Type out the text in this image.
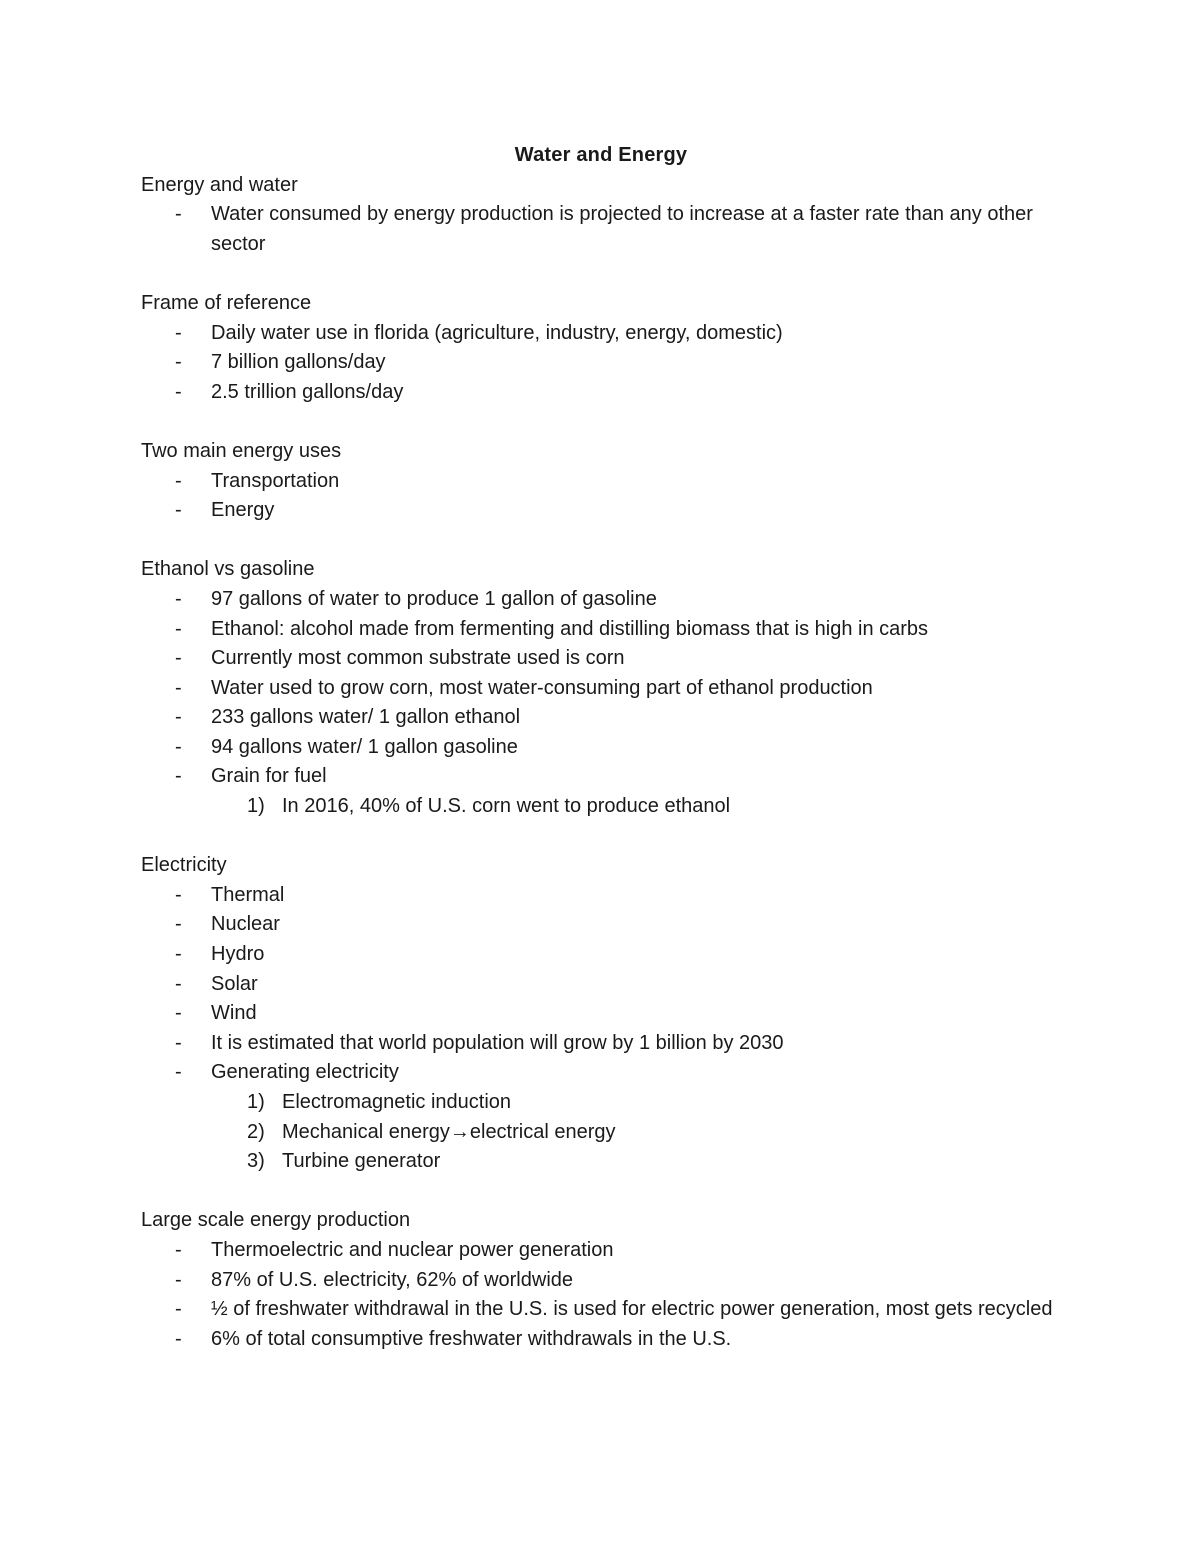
Water and Energy

Energy and water

-	Water consumed by energy production is projected to increase at a faster rate than any other sector

Frame of reference

-	Daily water use in florida (agriculture, industry, energy, domestic)
-	7 billion gallons/day
-	2.5 trillion gallons/day

Two main energy uses

-	Transportation
-	Energy

Ethanol vs gasoline

-	97 gallons of water to produce 1 gallon of gasoline
-	Ethanol: alcohol made from fermenting and distilling biomass that is high in carbs
-	Currently most common substrate used is corn
-	Water used to grow corn, most water-consuming part of ethanol production
-	233 gallons water/ 1 gallon ethanol
-	94 gallons water/ 1 gallon gasoline
-	Grain for fuel
1) In 2016, 40% of U.S. corn went to produce ethanol

Electricity

-	Thermal
-	Nuclear
-	Hydro
-	Solar
-	Wind
-	It is estimated that world population will grow by 1 billion by 2030
-	Generating electricity
1) Electromagnetic induction
2) Mechanical energy→electrical energy
3) Turbine generator

Large scale energy production

-	Thermoelectric and nuclear power generation
-	87% of U.S. electricity, 62% of worldwide
-	½ of freshwater withdrawal in the U.S. is used for electric power generation, most gets recycled
-	6% of total consumptive freshwater withdrawals in the U.S.
